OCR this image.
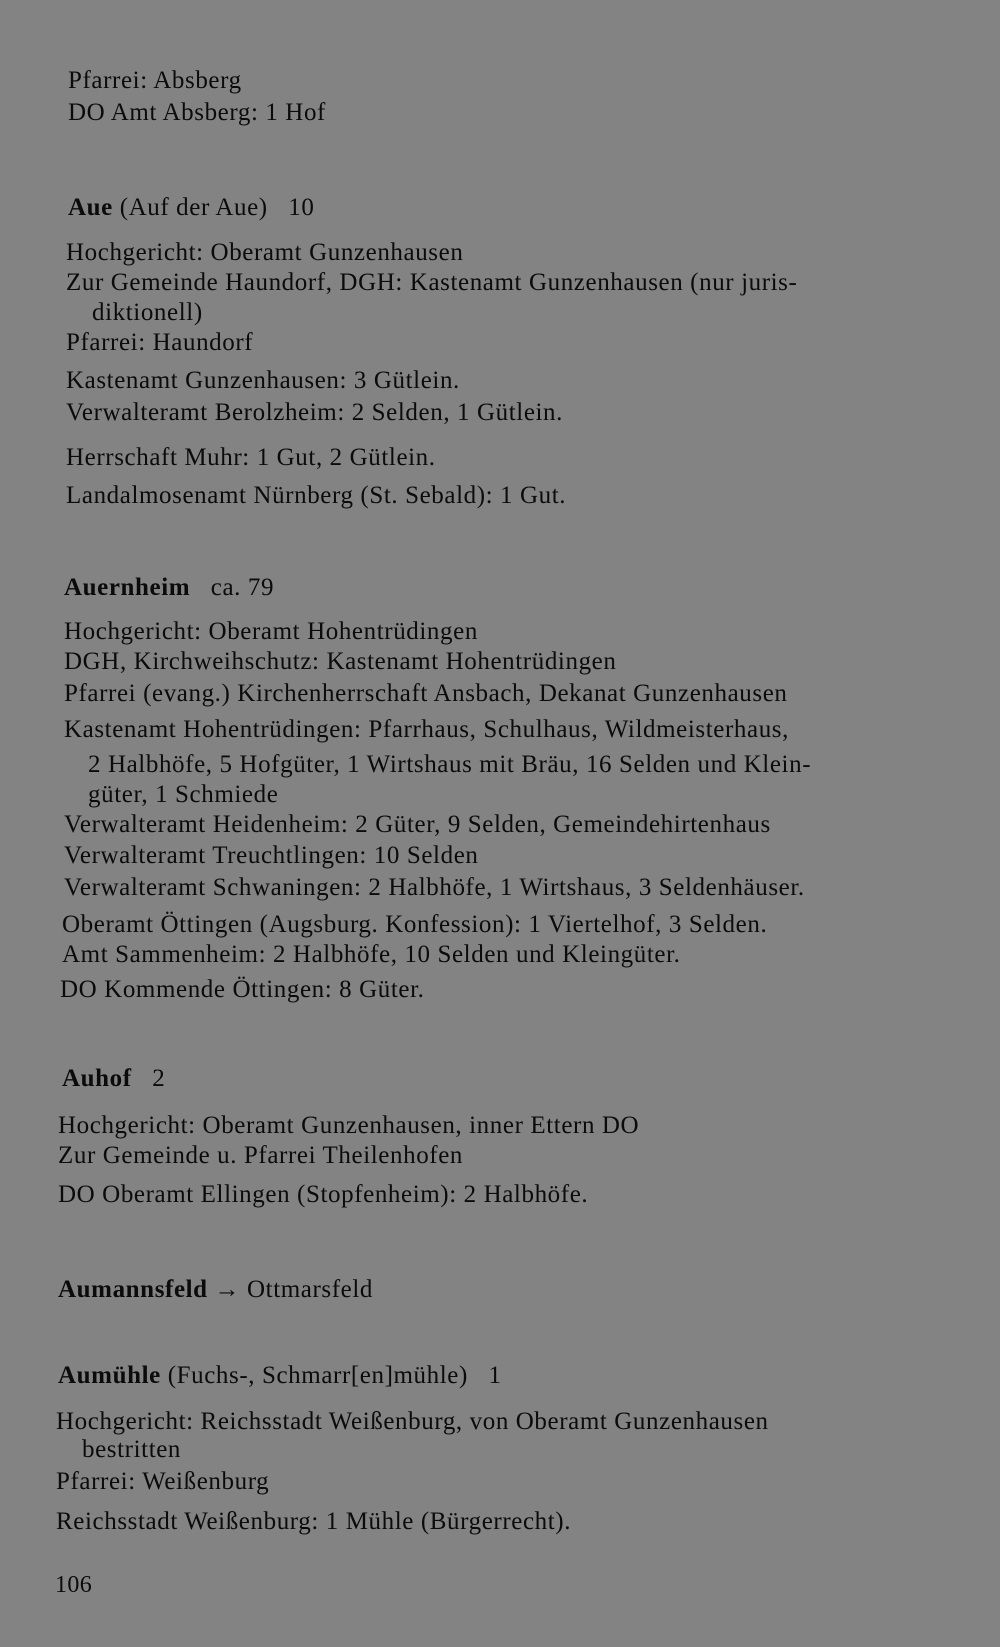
Pfarrei: Absberg
DO Amt Absberg: 1 Hof
Aue (Auf der Aue)   10
Hochgericht: Oberamt Gunzenhausen
Zur Gemeinde Haundorf, DGH: Kastenamt Gunzenhausen (nur juris-
diktionell)
Pfarrei: Haundorf
Kastenamt Gunzenhausen: 3 Gütlein.
Verwalteramt Berolzheim: 2 Selden, 1 Gütlein.
Herrschaft Muhr: 1 Gut, 2 Gütlein.
Landalmosenamt Nürnberg (St. Sebald): 1 Gut.
Auernheim   ca. 79
Hochgericht: Oberamt Hohentrüdingen
DGH, Kirchweihschutz: Kastenamt Hohentrüdingen
Pfarrei (evang.) Kirchenherrschaft Ansbach, Dekanat Gunzenhausen
Kastenamt Hohentrüdingen: Pfarrhaus, Schulhaus, Wildmeisterhaus,
2 Halbhöfe, 5 Hofgüter, 1 Wirtshaus mit Bräu, 16 Selden und Klein-
güter, 1 Schmiede
Verwalteramt Heidenheim: 2 Güter, 9 Selden, Gemeindehirtenhaus
Verwalteramt Treuchtlingen: 10 Selden
Verwalteramt Schwaningen: 2 Halbhöfe, 1 Wirtshaus, 3 Seldenhäuser.
Oberamt Öttingen (Augsburg. Konfession): 1 Viertelhof, 3 Selden.
Amt Sammenheim: 2 Halbhöfe, 10 Selden und Kleingüter.
DO Kommende Öttingen: 8 Güter.
Auhof   2
Hochgericht: Oberamt Gunzenhausen, inner Ettern DO
Zur Gemeinde u. Pfarrei Theilenhofen
DO Oberamt Ellingen (Stopfenheim): 2 Halbhöfe.
Aumannsfeld → Ottmarsfeld
Aumühle (Fuchs-, Schmarr[en]mühle)   1
Hochgericht: Reichsstadt Weißenburg, von Oberamt Gunzenhausen
bestritten
Pfarrei: Weißenburg
Reichsstadt Weißenburg: 1 Mühle (Bürgerrecht).
106
